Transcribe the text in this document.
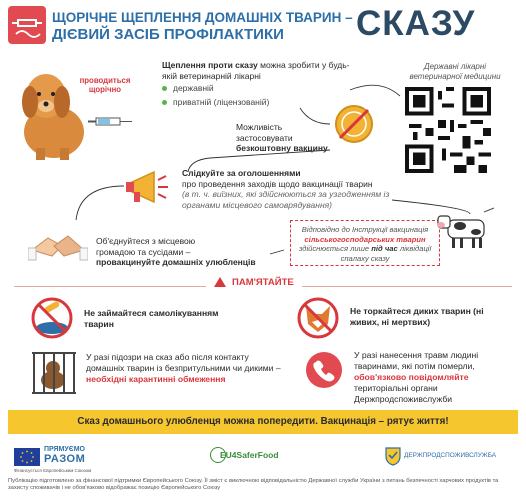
ЩОРІЧНЕ ЩЕПЛЕННЯ ДОМАШНІХ ТВАРИН –
ДІЄВИЙ ЗАСІБ ПРОФІЛАКТИКИ СКАЗУ
проводиться щорічно
Щеплення проти сказу можна зробити у будь-якій ветеринарній лікарні
державній
приватній (ліцензованій)
Можливість застосовувати
безкоштовну вакцину
Державні лікарні ветеринарної медицини
Слідкуйте за оголошеннями
про проведення заходів щодо вакцинації тварин
(в т. ч. виїзних, які здійснюються за узгодженням із органами місцевого самоврядування)
Об'єднуйтеся з місцевою
громадою та сусідами –
провакцинуйте домашніх улюбленців
Відповідно до Інструкції вакцинація
сільськогосподарських тварин
здійснюється лише під час ліквідації спалаху сказу
ПАМ'ЯТАЙТЕ
Не займайтеся самолікуванням тварин
Не торкайтеся диких тварин (ні живих, ні мертвих)
У разі підозри на сказ або після контакту домашніх тварин із безпритульними чи дикими – необхідні карантинні обмеження
У разі нанесення травм людині тваринами, які потім померли, обов'язково повідомляйте територіальні органи Держпродспоживслужби
Сказ домашнього улюбленця можна попередити. Вакцинація – рятує життя!
ПРЯМУЄМО
РАЗОМ
Фінансується Європейським Союзом
EU4SaferFood	ДЕРЖПРОДСПОЖИВСЛУЖБА
Публікацію підготовлено за фінансової підтримки Європейського Союзу. Її зміст є виключною відповідальністю Державної служби України з питань безпечності харчових продуктів та захисту споживачів і не обов'язково відображає позицію Європейського Союзу
